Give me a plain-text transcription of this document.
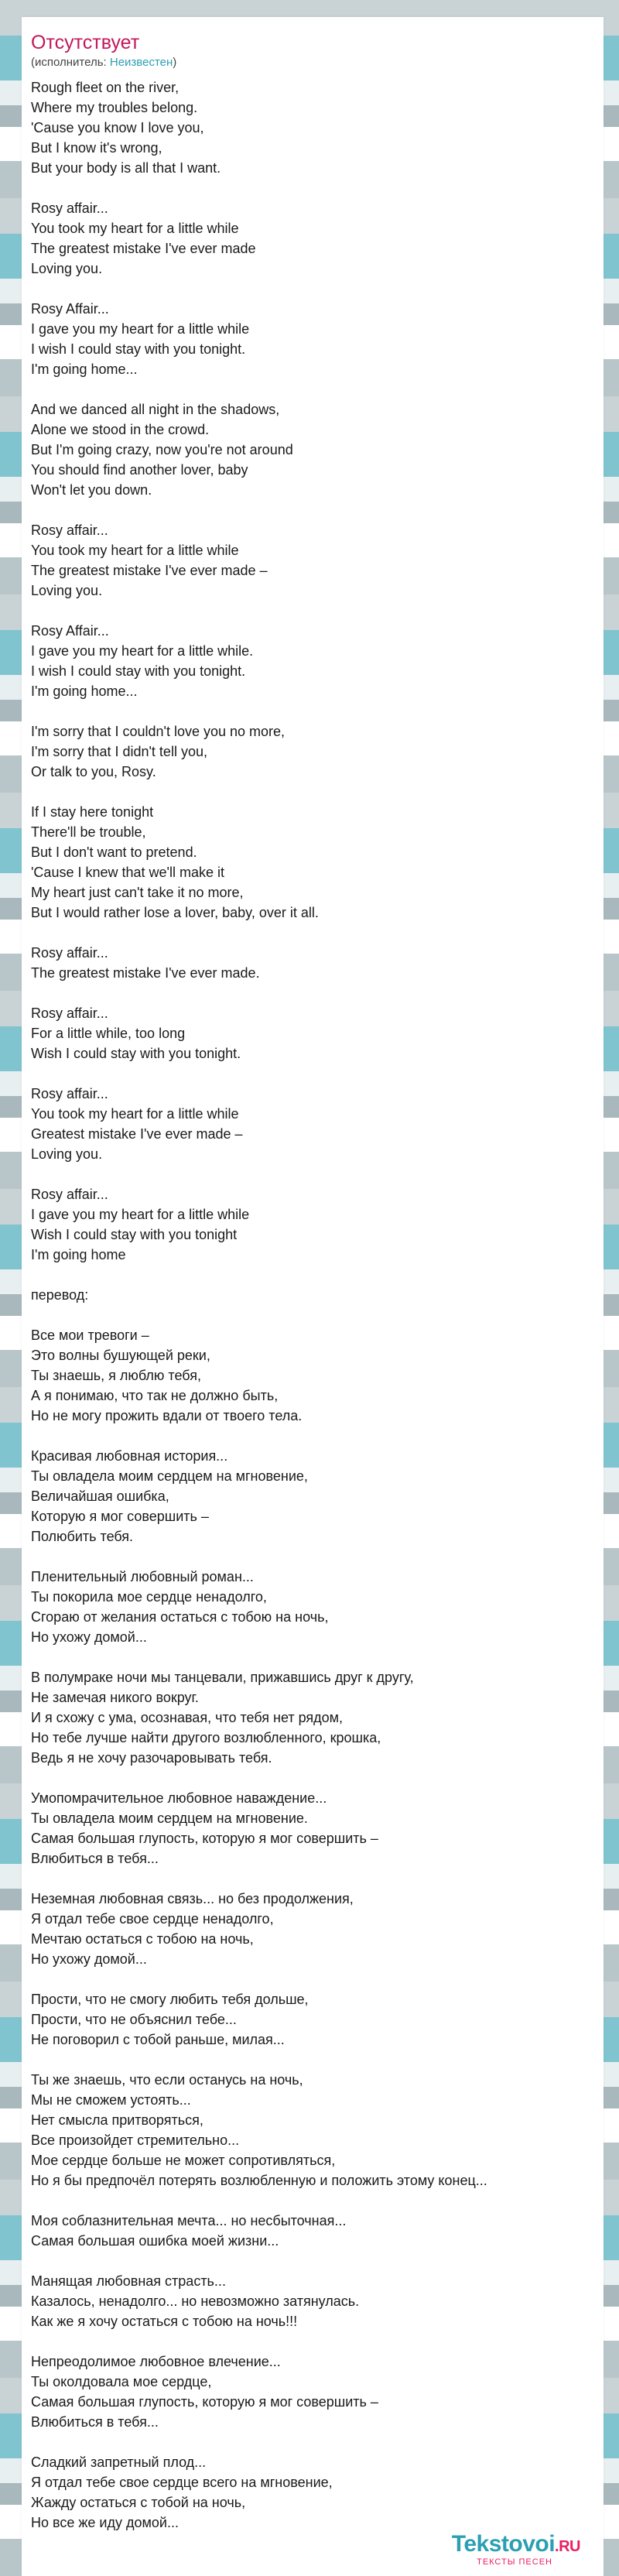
Отсутствует
(исполнитель: Неизвестен)
Rough fleet on the river,
Where my troubles belong.
'Cause you know I love you,
But I know it's wrong,
But your body is all that I want.

Rosy affair...
You took my heart for a little while
The greatest mistake I've ever made
Loving you.

Rosy Affair...
I gave you my heart for a little while
I wish I could stay with you tonight.
I'm going home...

And we danced all night in the shadows,
Alone we stood in the crowd.
But I'm going crazy, now you're not around
You should find another lover, baby
Won't let you down.

Rosy affair...
You took my heart for a little while
The greatest mistake I've ever made –
Loving you.

Rosy Affair...
I gave you my heart for a little while.
I wish I could stay with you tonight.
I'm going home...

I'm sorry that I couldn't love you no more,
I'm sorry that I didn't tell you,
Or talk to you, Rosy.

If I stay here tonight
There'll be trouble,
But I don't want to pretend.
'Cause I knew that we'll make it
My heart just can't take it no more,
But I would rather lose a lover, baby, over it all.

Rosy affair...
The greatest mistake I've ever made.

Rosy affair...
For a little while, too long
Wish I could stay with you tonight.

Rosy affair...
You took my heart for a little while
Greatest mistake I've ever made –
Loving you.

Rosy affair...
I gave you my heart for a little while
Wish I could stay with you tonight
I'm going home

перевод:

Все мои тревоги –
Это волны бушующей реки,
Ты знаешь, я люблю тебя,
А я понимаю, что так не должно быть,
Но не могу прожить вдали от твоего тела.

Красивая любовная история...
Ты овладела моим сердцем на мгновение,
Величайшая ошибка,
Которую я мог совершить –
Полюбить тебя.

Пленительный любовный роман...
Ты покорила мое сердце ненадолго,
Сгораю от желания остаться с тобою на ночь,
Но ухожу домой...

В полумраке ночи мы танцевали, прижавшись друг к другу,
Не замечая никого вокруг.
И я схожу с ума, осознавая, что тебя нет рядом,
Но тебе лучше найти другого возлюбленного, крошка,
Ведь я не хочу разочаровывать тебя.

Умопомрачительное любовное наваждение...
Ты овладела моим сердцем на мгновение.
Самая большая глупость, которую я мог совершить –
Влюбиться в тебя...

Неземная любовная связь... но без продолжения,
Я отдал тебе свое сердце ненадолго,
Мечтаю остаться с тобою на ночь,
Но ухожу домой...

Прости, что не смогу любить тебя дольше,
Прости, что не объяснил тебе...
Не поговорил с тобой раньше, милая...

Ты же знаешь, что если останусь на ночь,
Мы не сможем устоять...
Нет смысла притворяться,
Все произойдет стремительно...
Мое сердце больше не может сопротивляться,
Но я бы предпочёл потерять возлюбленную и положить этому конец...

Моя соблазнительная мечта... но несбыточная...
Самая большая ошибка моей жизни...

Манящая любовная страсть...
Казалось, ненадолго... но невозможно затянулась.
Как же я хочу остаться с тобою на ночь!!!

Непреодолимое любовное влечение...
Ты околдовала мое сердце,
Самая большая глупость, которую я мог совершить –
Влюбиться в тебя...

Сладкий запретный плод...
Я отдал тебе свое сердце всего на мгновение,
Жажду остаться с тобой на ночь,
Но все же иду домой...
Tekstovoi.RU
ТЕКСТЫ ПЕСЕН
